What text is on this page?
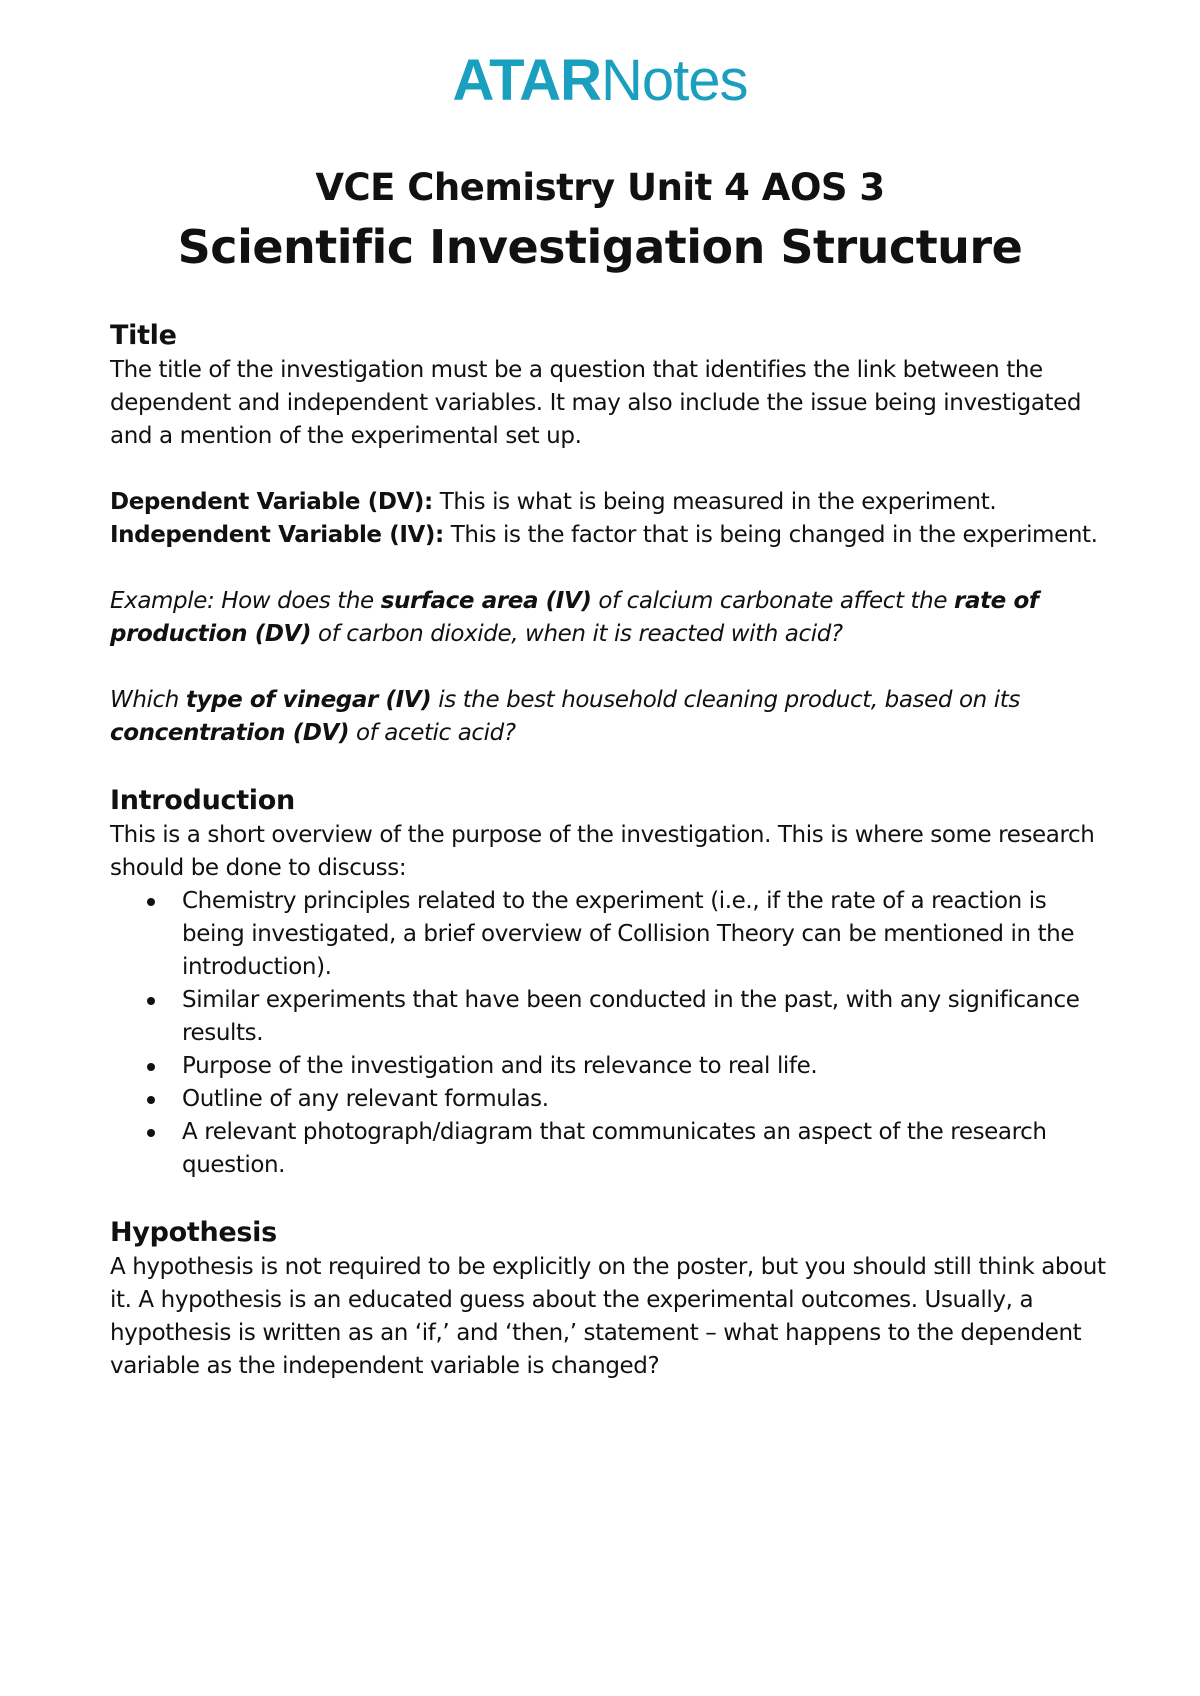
ATARNotes
VCE Chemistry Unit 4 AOS 3
Scientific Investigation Structure
Title

The title of the investigation must be a question that identifies the link between the dependent and independent variables. It may also include the issue being investigated and a mention of the experimental set up.

Dependent Variable (DV): This is what is being measured in the experiment.

Independent Variable (IV): This is the factor that is being changed in the experiment.

Example: How does the surface area (IV) of calcium carbonate affect the rate of production (DV) of carbon dioxide, when it is reacted with acid?

Which type of vinegar (IV) is the best household cleaning product, based on its concentration (DV) of acetic acid?

Introduction

This is a short overview of the purpose of the investigation. This is where some research should be done to discuss:

Chemistry principles related to the experiment (i.e., if the rate of a reaction is being investigated, a brief overview of Collision Theory can be mentioned in the introduction).
Similar experiments that have been conducted in the past, with any significance results.
Purpose of the investigation and its relevance to real life.
Outline of any relevant formulas.
A relevant photograph/diagram that communicates an aspect of the research question.
Hypothesis

A hypothesis is not required to be explicitly on the poster, but you should still think about it. A hypothesis is an educated guess about the experimental outcomes. Usually, a hypothesis is written as an ‘if,’ and ‘then,’ statement – what happens to the dependent variable as the independent variable is changed?
